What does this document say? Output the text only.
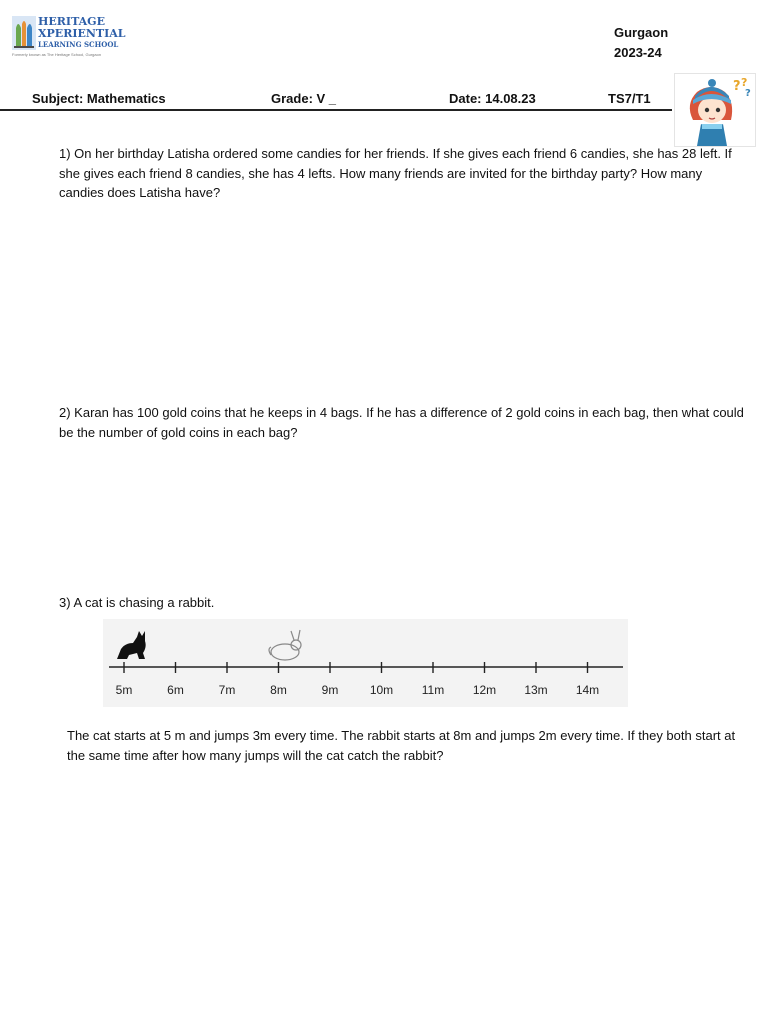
HERITAGE
XPERIENTIAL
LEARNING SCHOOL
Formerly known as The Heritage School, Gurgaon
Gurgaon
2023-24
Subject: Mathematics	Grade: V _	Date: 14.08.23	TS7/T1
? ?
?
1) On her birthday Latisha ordered some candies for her friends. If she gives each friend 6 candies, she has 28 left. If she gives each friend 8 candies, she has 4 lefts. How many friends are invited for the birthday party? How many candies does Latisha have?
2) Karan has 100 gold coins that he keeps in 4 bags. If he has a difference of 2 gold coins in each bag, then what could be the number of gold coins in each bag?
3) A cat is chasing a rabbit.
5m	6m	7m	8m	9m	10m 11m 12m 13m 14m
The cat starts at 5 m and jumps 3m every time. The rabbit starts at 8m and jumps 2m every time. If they both start at the same time after how many jumps will the cat catch the rabbit?
